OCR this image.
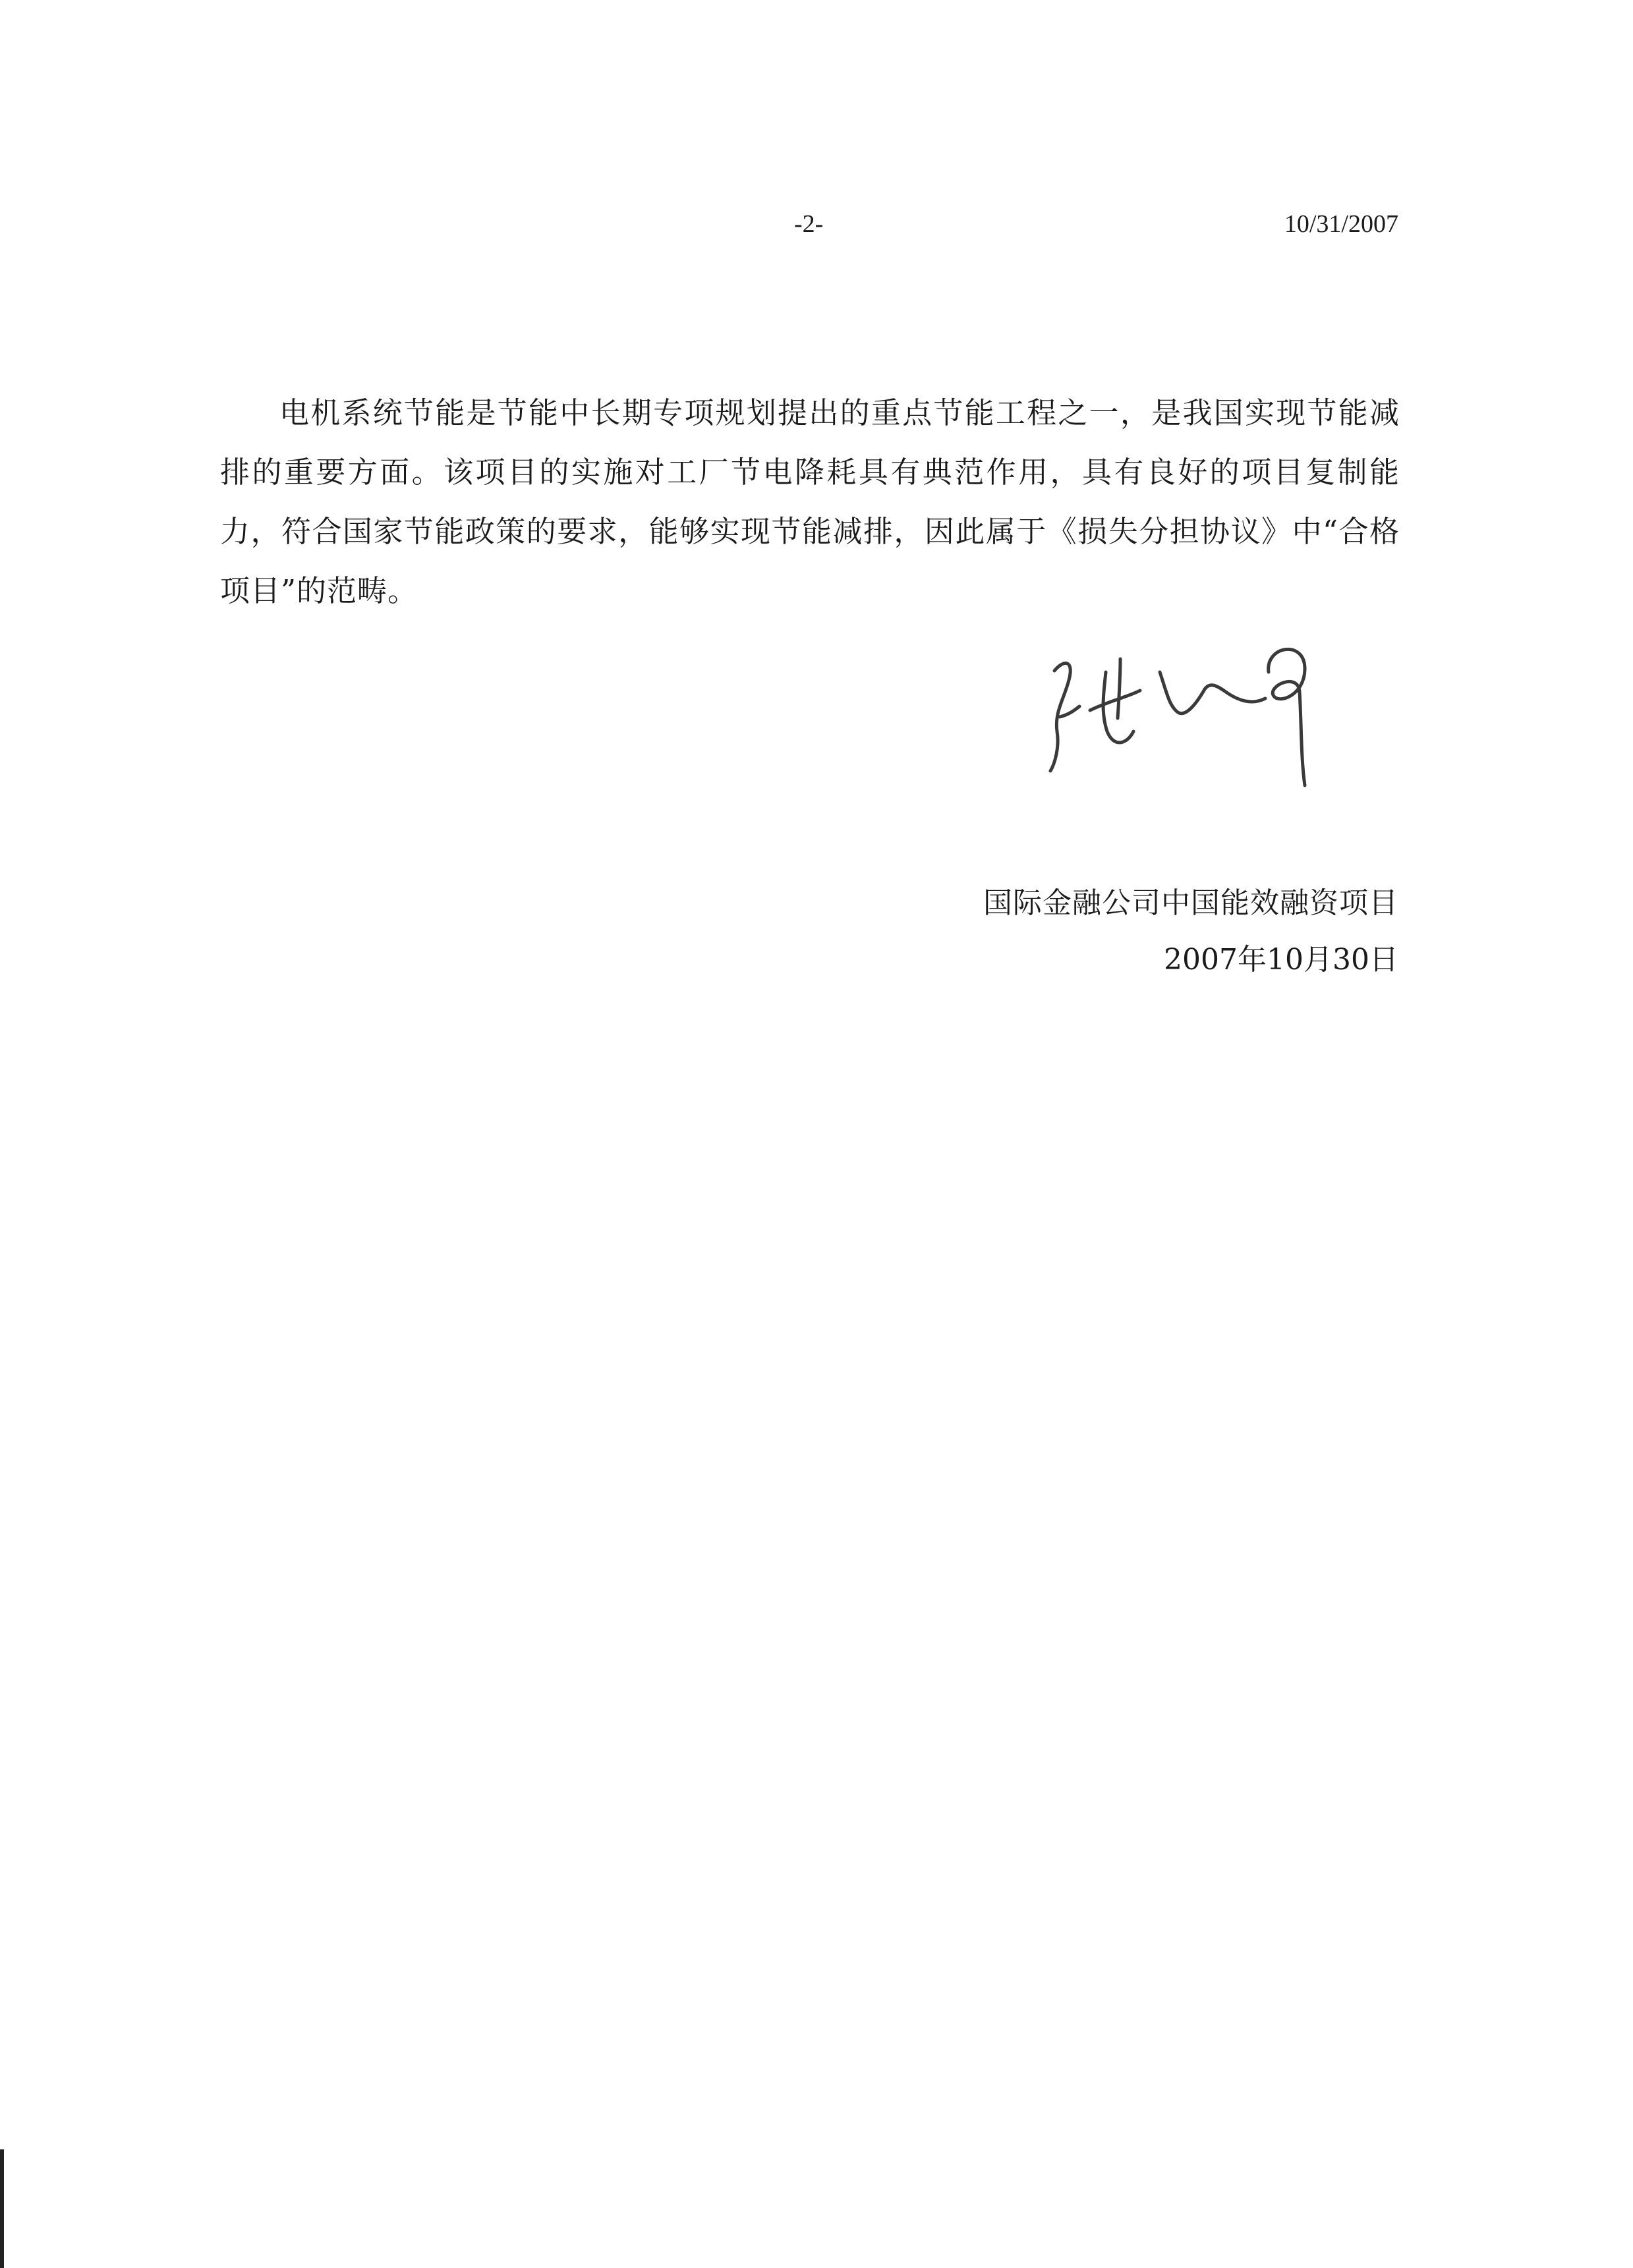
-2-	10/31/2007

电机系统节能是节能中长期专项规划提出的重点节能工程之一，是我国实现节能减排的重要方面。该项目的实施对工厂节电降耗具有典范作用，具有良好的项目复制能力，符合国家节能政策的要求，能够实现节能减排，因此属于《损失分担协议》中“合格项目”的范畴。

国际金融公司中国能效融资项目
2007年10月30日
